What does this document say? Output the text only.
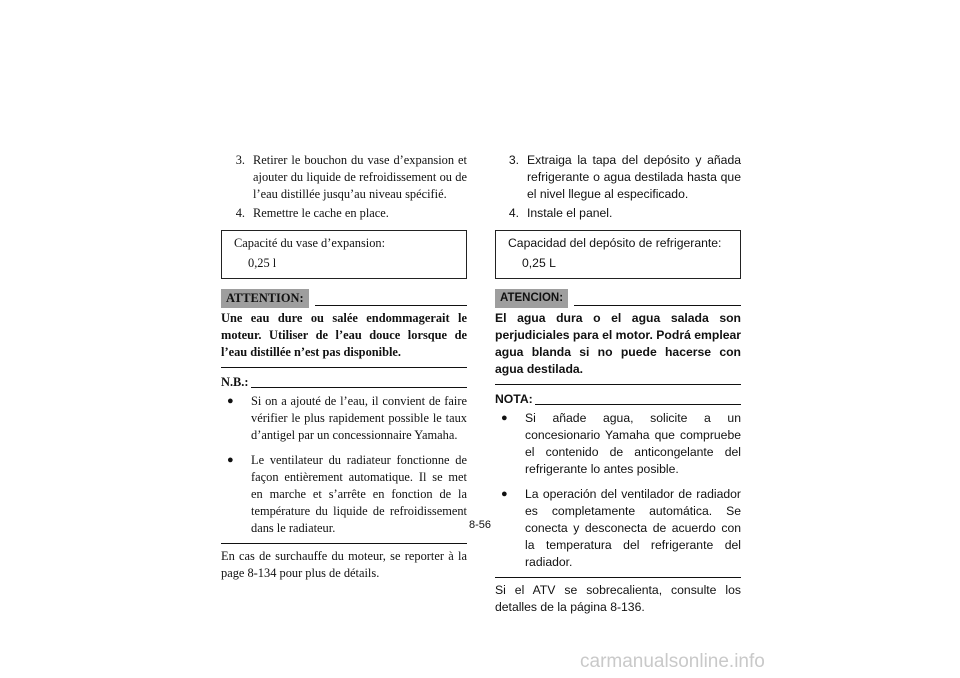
3. Retirer le bouchon du vase d’expansion et ajouter du liquide de refroidissement ou de l’eau distillée jusqu’au niveau spécifié.
4. Remettre le cache en place.
Capacité du vase d’expansion:
0,25 l
ATTENTION:
Une eau dure ou salée endommagerait le moteur. Utiliser de l’eau douce lorsque de l’eau distillée n’est pas disponible.
N.B.:
●	Si on a ajouté de l’eau, il convient de faire vérifier le plus rapidement possible le taux d’antigel par un concessionnaire Yamaha.
●	Le ventilateur du radiateur fonctionne de façon entièrement automatique. Il se met en marche et s’arrête en fonction de la température du liquide de refroidissement dans le radiateur.
En cas de surchauffe du moteur, se reporter à la page 8-134 pour plus de détails.
3. Extraiga la tapa del depósito y añada refrigerante o agua destilada hasta que el nivel llegue al especificado.
4. Instale el panel.
Capacidad del depósito de refrigerante:
0,25 L
ATENCION:
El agua dura o el agua salada son perjudiciales para el motor. Podrá emplear agua blanda si no puede hacerse con agua destilada.
NOTA:
●	Si añade agua, solicite a un concesionario Yamaha que compruebe el contenido de anticongelante del refrigerante lo antes posible.
●	La operación del ventilador de radiador es completamente automática. Se conecta y desconecta de acuerdo con la temperatura del refrigerante del radiador.
Si el ATV se sobrecalienta, consulte los detalles de la página 8-136.
8-56
carmanualsonline.info
